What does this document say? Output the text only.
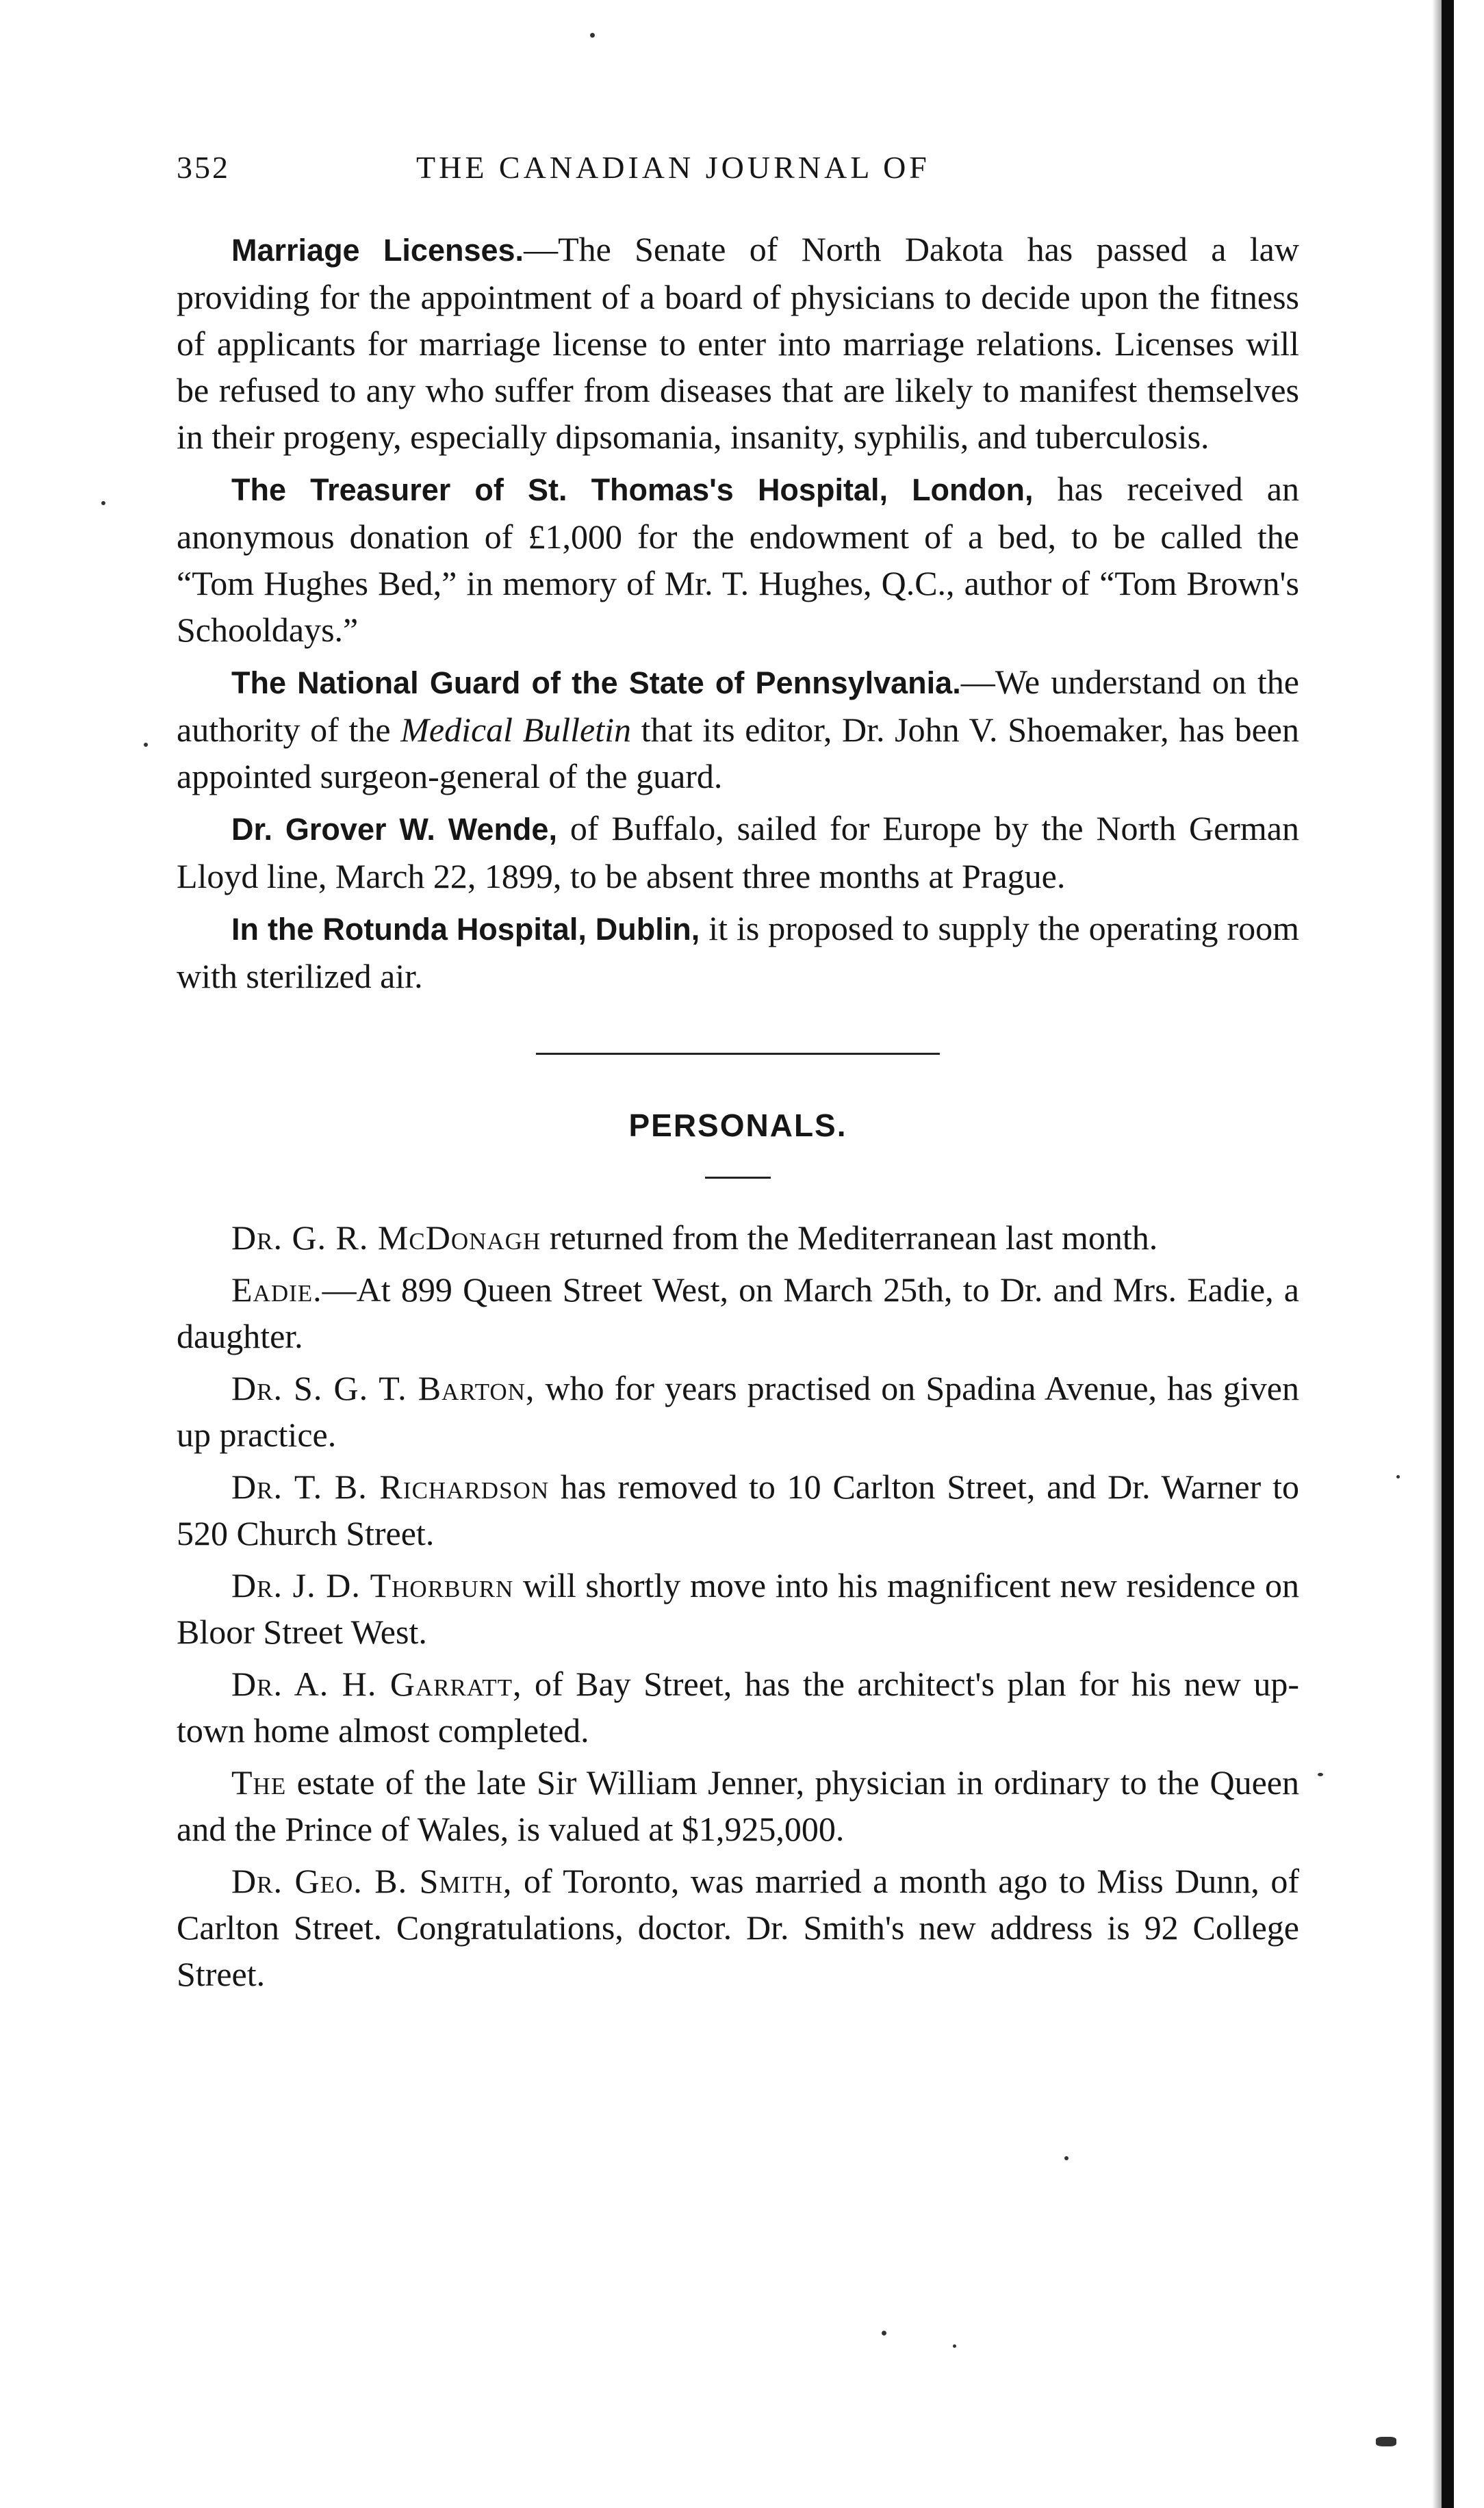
352	THE CANADIAN JOURNAL OF

Marriage Licenses.—The Senate of North Dakota has passed a law providing for the appointment of a board of physicians to decide upon the fitness of applicants for marriage license to enter into marriage relations. Licenses will be refused to any who suffer from diseases that are likely to manifest themselves in their progeny, especially dipsomania, insanity, syphilis, and tuberculosis.

The Treasurer of St. Thomas's Hospital, London, has received an anonymous donation of £1,000 for the endowment of a bed, to be called the “Tom Hughes Bed,” in memory of Mr. T. Hughes, Q.C., author of “Tom Brown's Schooldays.”

The National Guard of the State of Pennsylvania.—We understand on the authority of the Medical Bulletin that its editor, Dr. John V. Shoemaker, has been appointed surgeon-general of the guard.

Dr. Grover W. Wende, of Buffalo, sailed for Europe by the North German Lloyd line, March 22, 1899, to be absent three months at Prague.

In the Rotunda Hospital, Dublin, it is proposed to supply the operating room with sterilized air.

PERSONALS.

Dr. G. R. McDonagh returned from the Mediterranean last month.

Eadie.—At 899 Queen Street West, on March 25th, to Dr. and Mrs. Eadie, a daughter.

Dr. S. G. T. Barton, who for years practised on Spadina Avenue, has given up practice.

Dr. T. B. Richardson has removed to 10 Carlton Street, and Dr. Warner to 520 Church Street.

Dr. J. D. Thorburn will shortly move into his magnificent new residence on Bloor Street West.

Dr. A. H. Garratt, of Bay Street, has the architect's plan for his new up-town home almost completed.

The estate of the late Sir William Jenner, physician in ordinary to the Queen and the Prince of Wales, is valued at $1,925,000.

Dr. Geo. B. Smith, of Toronto, was married a month ago to Miss Dunn, of Carlton Street. Congratulations, doctor. Dr. Smith's new address is 92 College Street.
